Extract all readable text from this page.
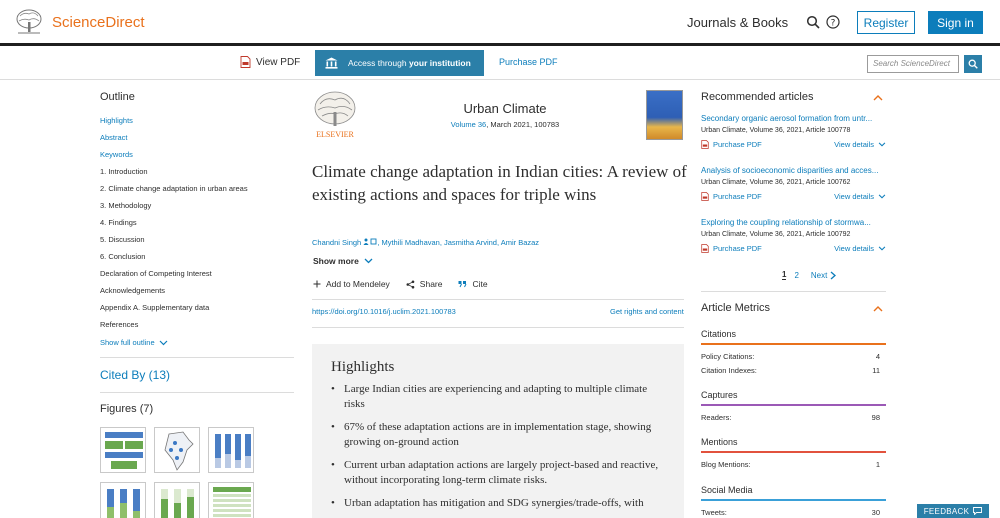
ScienceDirect	Journals & Books	?	Register	Sign in
View PDF	Access through your institution	Purchase PDF	Search ScienceDirect
Outline
Highlights
Abstract
Keywords
1. Introduction
2. Climate change adaptation in urban areas
3. Methodology
4. Findings
5. Discussion
6. Conclusion
Declaration of Competing Interest
Acknowledgements
Appendix A. Supplementary data
References
Show full outline
Cited By (13)
Figures (7)
ELSEVIER
Urban Climate
Volume 36, March 2021, 100783
Climate change adaptation in Indian cities: A review of existing actions and spaces for triple wins
Chandni Singh , Mythili Madhavan, Jasmitha Arvind, Amir Bazaz
Show more
Add to Mendeley	Share	Cite
https://doi.org/10.1016/j.uclim.2021.100783	Get rights and content
Highlights
• Large Indian cities are experiencing and adapting to multiple climate risks
• 67% of these adaptation actions are in implementation stage, showing growing on-ground action
• Current urban adaptation actions are largely project-based and reactive, without incorporating long-term climate risks.
• Urban adaptation has mitigation and SDG synergies/trade-offs, with
Recommended articles
Secondary organic aerosol formation from untr...
Urban Climate, Volume 36, 2021, Article 100778
Purchase PDF	View details
Analysis of socioeconomic disparities and acces...
Urban Climate, Volume 36, 2021, Article 100762
Purchase PDF	View details
Exploring the coupling relationship of stormwa...
Urban Climate, Volume 36, 2021, Article 100792
Purchase PDF	View details
1 2 Next
Article Metrics
Citations
Policy Citations:	4
Citation Indexes:	11
Captures
Readers:	98
Mentions
Blog Mentions:	1
Social Media
Tweets:	30	FEEDBACK
